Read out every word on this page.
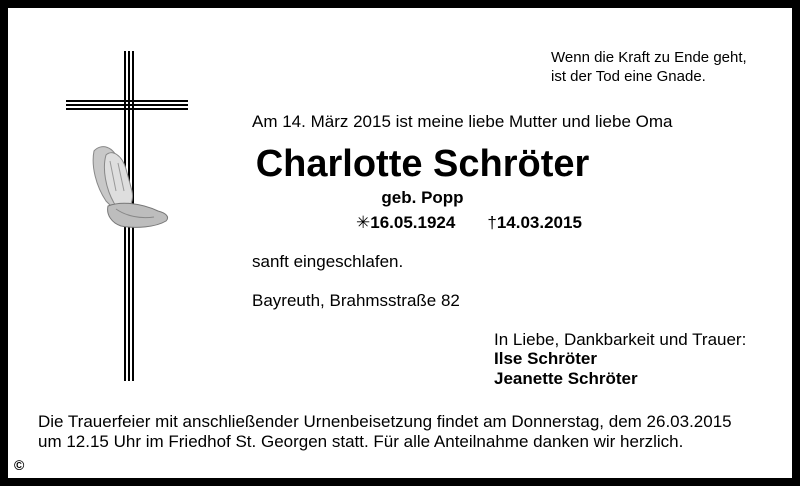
Wenn die Kraft zu Ende geht,
ist der Tod eine Gnade.
Am 14. März 2015 ist meine liebe Mutter und liebe Oma
Charlotte Schröter
geb. Popp
✳16.05.1924 †14.03.2015
sanft eingeschlafen.
Bayreuth, Brahmsstraße 82
In Liebe, Dankbarkeit und Trauer:
Ilse Schröter
Jeanette Schröter
Die Trauerfeier mit anschließender Urnenbeisetzung findet am Donnerstag, dem 26.03.2015
um 12.15 Uhr im Friedhof St. Georgen statt. Für alle Anteilnahme danken wir herzlich.
©
